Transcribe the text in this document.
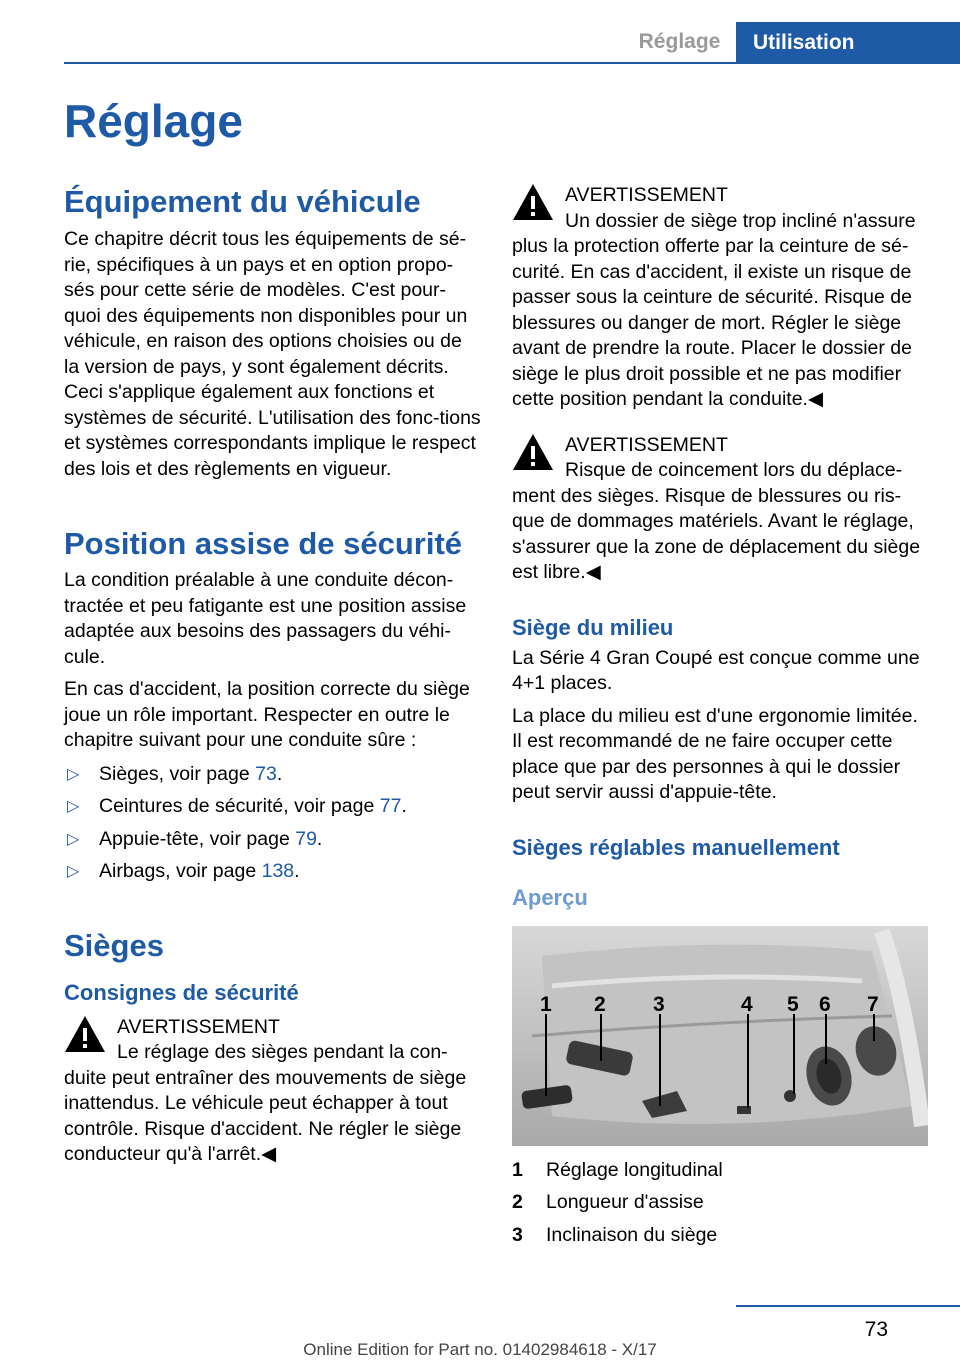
Réglage	Utilisation
Réglage
Équipement du véhicule

Ce chapitre décrit tous les équipements de sé-rie, spécifiques à un pays et en option propo-sés pour cette série de modèles. C'est pour-quoi des équipements non disponibles pour un véhicule, en raison des options choisies ou de la version de pays, y sont également décrits. Ceci s'applique également aux fonctions et systèmes de sécurité. L'utilisation des fonc-tions et systèmes correspondants implique le respect des lois et des règlements en vigueur.

Position assise de sécurité

La condition préalable à une conduite décon-tractée et peu fatigante est une position assise adaptée aux besoins des passagers du véhi-cule.

En cas d'accident, la position correcte du siège joue un rôle important. Respecter en outre le chapitre suivant pour une conduite sûre :

▷ Sièges, voir page 73.
▷ Ceintures de sécurité, voir page 77.
▷ Appuie-tête, voir page 79.
▷ Airbags, voir page 138.
Sièges
Consignes de sécurité
AVERTISSEMENT
Le réglage des sièges pendant la con-duite peut entraîner des mouvements de siège inattendus. Le véhicule peut échapper à tout contrôle. Risque d'accident. Ne régler le siège conducteur qu'à l'arrêt.◀
AVERTISSEMENT
Un dossier de siège trop incliné n'assure plus la protection offerte par la ceinture de sé-curité. En cas d'accident, il existe un risque de passer sous la ceinture de sécurité. Risque de blessures ou danger de mort. Régler le siège avant de prendre la route. Placer le dossier de siège le plus droit possible et ne pas modifier cette position pendant la conduite.◀
AVERTISSEMENT
Risque de coincement lors du déplace-ment des sièges. Risque de blessures ou ris-que de dommages matériels. Avant le réglage, s'assurer que la zone de déplacement du siège est libre.◀
Siège du milieu

La Série 4 Gran Coupé est conçue comme une 4+1 places.

La place du milieu est d'une ergonomie limitée. Il est recommandé de ne faire occuper cette place que par des personnes à qui le dossier peut servir aussi d'appuie-tête.

Sièges réglables manuellement
Aperçu
1 2 3	4 5 6 7
1	Réglage longitudinal
2	Longueur d'assise
3	Inclinaison du siège
73
Online Edition for Part no. 01402984618 - X/17
